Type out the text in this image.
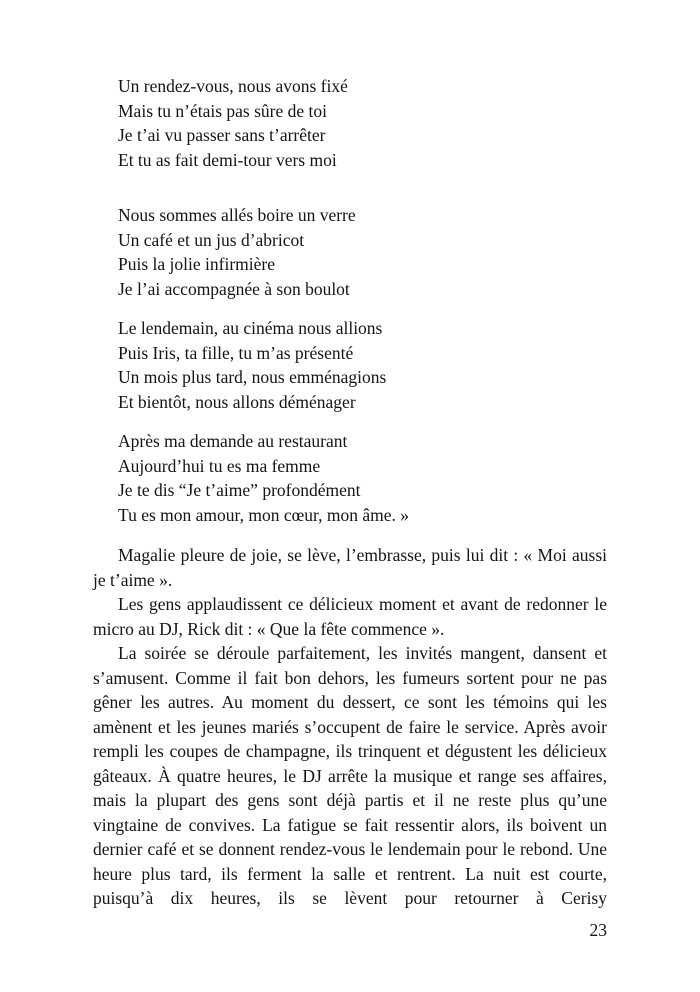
Un rendez-vous, nous avons fixé
Mais tu n’étais pas sûre de toi
Je t’ai vu passer sans t’arrêter
Et tu as fait demi-tour vers moi
Nous sommes allés boire un verre
Un café et un jus d’abricot
Puis la jolie infirmière
Je l’ai accompagnée à son boulot
Le lendemain, au cinéma nous allions
Puis Iris, ta fille, tu m’as présenté
Un mois plus tard, nous emménagions
Et bientôt, nous allons déménager
Après ma demande au restaurant
Aujourd’hui tu es ma femme
Je te dis “Je t’aime” profondément
Tu es mon amour, mon cœur, mon âme. »

Magalie pleure de joie, se lève, l’embrasse, puis lui dit : « Moi aussi je t’aime ».

Les gens applaudissent ce délicieux moment et avant de redonner le micro au DJ, Rick dit : « Que la fête commence ».

La soirée se déroule parfaitement, les invités mangent, dansent et s’amusent. Comme il fait bon dehors, les fumeurs sortent pour ne pas gêner les autres. Au moment du dessert, ce sont les témoins qui les amènent et les jeunes mariés s’occupent de faire le service. Après avoir rempli les coupes de champagne, ils trinquent et dégustent les délicieux gâteaux. À quatre heures, le DJ arrête la musique et range ses affaires, mais la plupart des gens sont déjà partis et il ne reste plus qu’une vingtaine de convives. La fatigue se fait ressentir alors, ils boivent un dernier café et se donnent rendez-vous le lendemain pour le rebond. Une heure plus tard, ils ferment la salle et rentrent. La nuit est courte, puisqu’à dix heures, ils se lèvent pour retourner à Cerisy

23
